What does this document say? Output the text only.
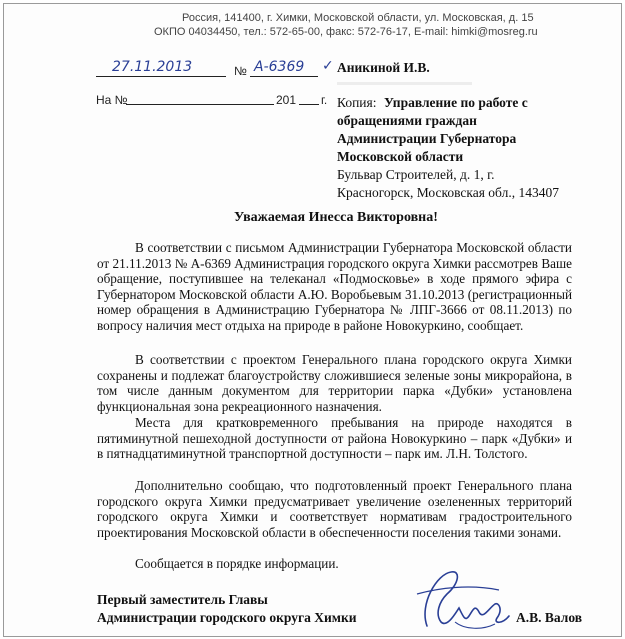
Россия, 141400, г. Химки, Московской области, ул. Московская, д. 15
ОКПО 04034450, тел.: 572-65-00, факс: 572-76-17, E-mail: himki@mosreg.ru
27.11.2013	№ А-6369 ✓
На №	201 г.
Аникиной И.В.
Копия: Управление по работе с
обращениями граждан
Администрации Губернатора
Московской области
Бульвар Строителей, д. 1, г.
Красногорск, Московская обл., 143407
Уважаемая Инесса Викторовна!
В соответствии с письмом Администрации Губернатора Московской области от 21.11.2013 № А-6369 Администрация городского округа Химки рассмотрев Ваше обращение, поступившее на телеканал «Подмосковье» в ходе прямого эфира с Губернатором Московской области А.Ю. Воробьевым 31.10.2013 (регистрационный номер обращения в Администрацию Губернатора № ЛПГ-3666 от 08.11.2013) по вопросу наличия мест отдыха на природе в районе Новокуркино, сообщает.
В соответствии с проектом Генерального плана городского округа Химки сохранены и подлежат благоустройству сложившиеся зеленые зоны микрорайона, в том числе данным документом для территории парка «Дубки» установлена функциональная зона рекреационного назначения.
Места для кратковременного пребывания на природе находятся в пятиминутной пешеходной доступности от района Новокуркино – парк «Дубки» и в пятнадцатиминутной транспортной доступности – парк им. Л.Н. Толстого.
Дополнительно сообщаю, что подготовленный проект Генерального плана городского округа Химки предусматривает увеличение озелененных территорий городского округа Химки и соответствует нормативам градостроительного проектирования Московской области в обеспеченности поселения такими зонами.
Сообщается в порядке информации.
Первый заместитель Главы
Администрации городского округа Химки	А.В. Валов
